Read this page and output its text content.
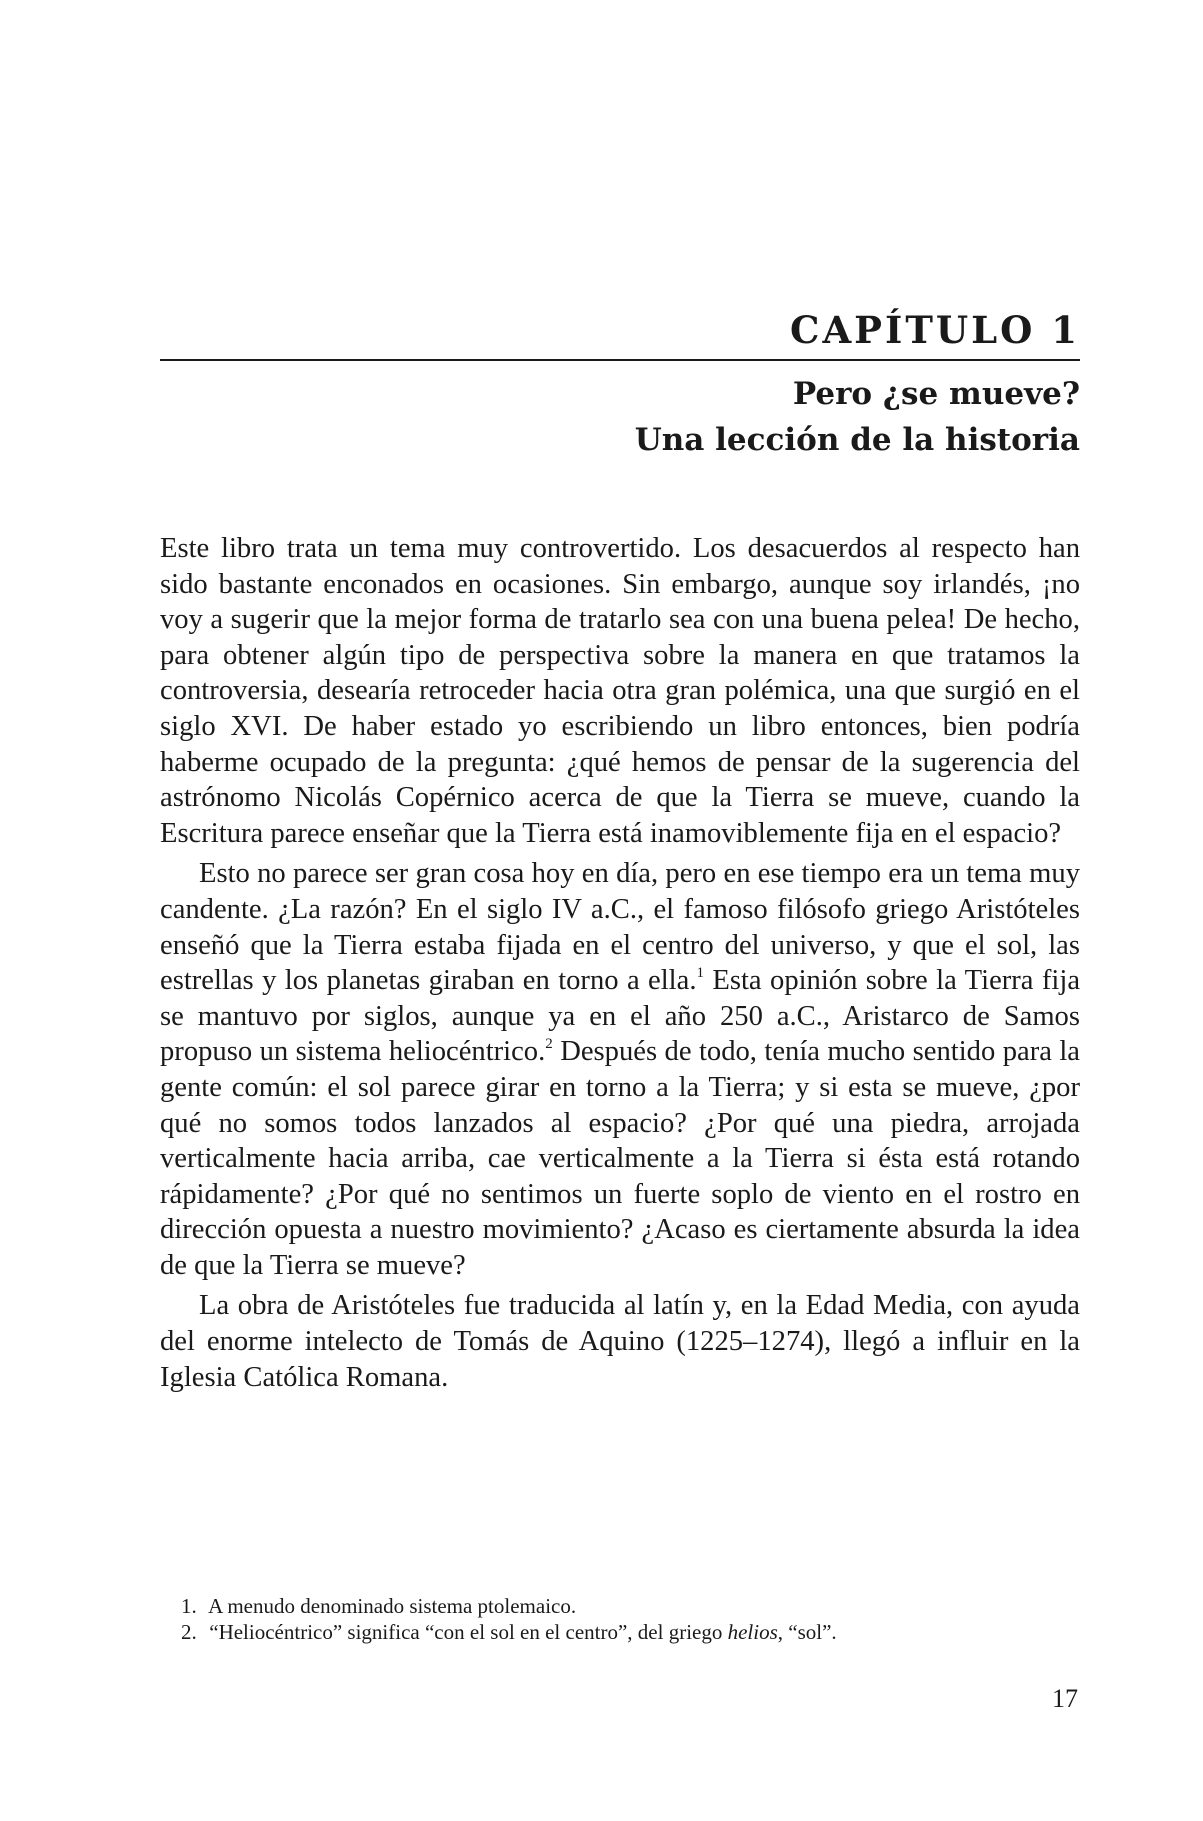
CAPÍTULO 1
Pero ¿se mueve?
Una lección de la historia

Este libro trata un tema muy controvertido. Los desacuerdos al respecto han sido bastante enconados en ocasiones. Sin embargo, aunque soy irlandés, ¡no voy a sugerir que la mejor forma de tratarlo sea con una buena pelea! De hecho, para obtener algún tipo de perspectiva sobre la manera en que tratamos la controversia, desearía retroceder hacia otra gran polémica, una que surgió en el siglo XVI. De haber estado yo escribiendo un libro entonces, bien podría haberme ocupado de la pregunta: ¿qué hemos de pensar de la sugerencia del astrónomo Nicolás Copérnico acerca de que la Tierra se mueve, cuando la Escritura parece enseñar que la Tierra está inamoviblemente fija en el espacio?

Esto no parece ser gran cosa hoy en día, pero en ese tiempo era un tema muy candente. ¿La razón? En el siglo IV a.C., el famoso filósofo griego Aristóteles enseñó que la Tierra estaba fijada en el centro del universo, y que el sol, las estrellas y los planetas giraban en torno a ella.$^1$ Esta opinión sobre la Tierra fija se mantuvo por siglos, aunque ya en el año 250 a.C., Aristarco de Samos propuso un sistema heliocéntrico.$^2$ Después de todo, tenía mucho sentido para la gente común: el sol parece girar en torno a la Tierra; y si esta se mueve, ¿por qué no somos todos lanzados al espacio? ¿Por qué una piedra, arrojada verticalmente hacia arriba, cae verticalmente a la Tierra si ésta está rotando rápidamente? ¿Por qué no sentimos un fuerte soplo de viento en el rostro en dirección opuesta a nuestro movimiento? ¿Acaso es ciertamente absurda la idea de que la Tierra se mueve?

La obra de Aristóteles fue traducida al latín y, en la Edad Media, con ayuda del enorme intelecto de Tomás de Aquino (1225–1274), llegó a influir en la Iglesia Católica Romana.

1. A menudo denominado sistema ptolemaico.

2. “Heliocéntrico” significa “con el sol en el centro”, del griego helios, “sol”.

17
